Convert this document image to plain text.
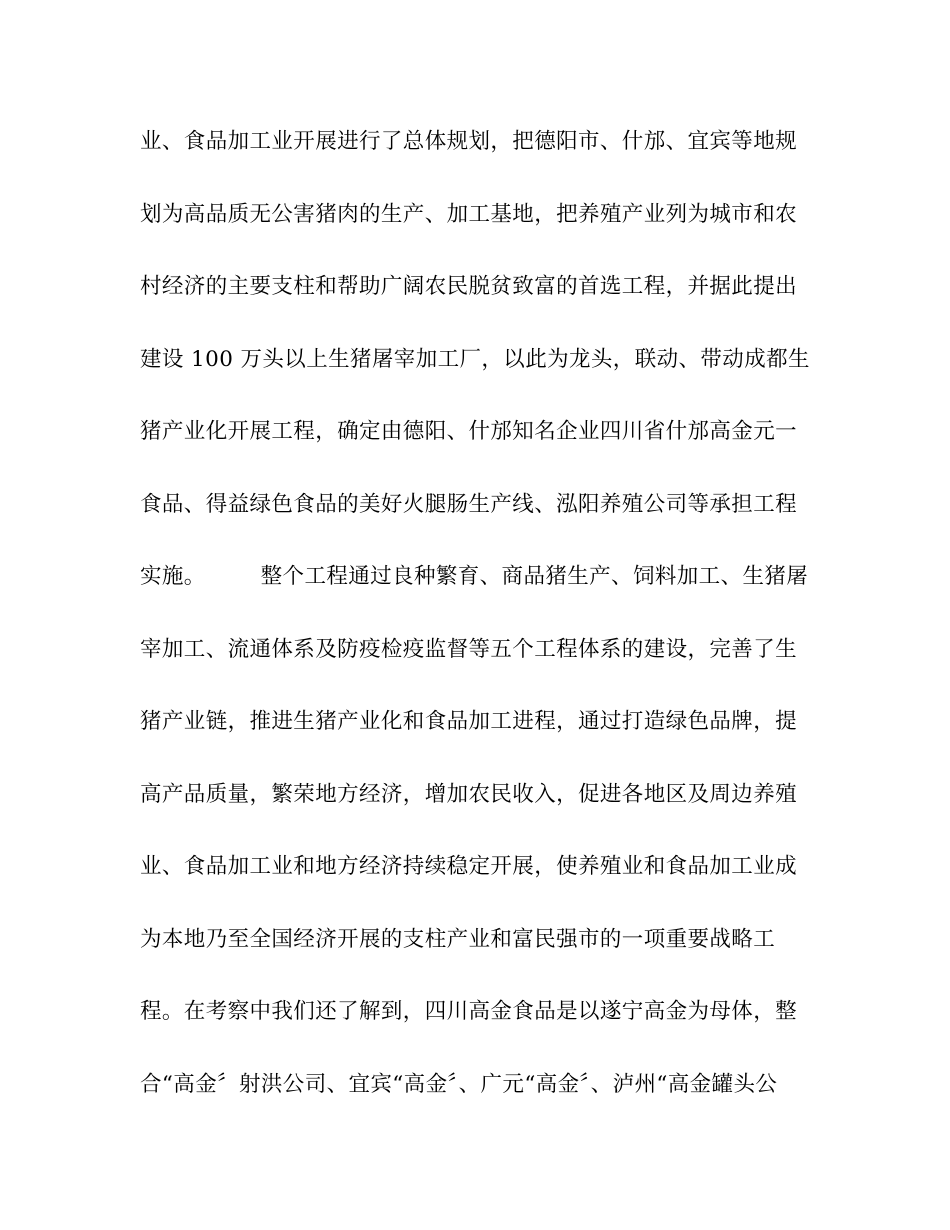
业、食品加工业开展进行了总体规划，把德阳市、什邡、宜宾等地规
划为高品质无公害猪肉的生产、加工基地，把养殖产业列为城市和农
村经济的主要支柱和帮助广阔农民脱贫致富的首选工程，并据此提出
建设 100 万头以上生猪屠宰加工厂，以此为龙头，联动、带动成都生
猪产业化开展工程，确定由德阳、什邡知名企业四川省什邡高金元一
食品、得益绿色食品的美好火腿肠生产线、泓阳养殖公司等承担工程
实施。　　　整个工程通过良种繁育、商品猪生产、饲料加工、生猪屠
宰加工、流通体系及防疫检疫监督等五个工程体系的建设，完善了生
猪产业链，推进生猪产业化和食品加工进程，通过打造绿色品牌，提
高产品质量，繁荣地方经济，增加农民收入，促进各地区及周边养殖
业、食品加工业和地方经济持续稳定开展，使养殖业和食品加工业成
为本地乃至全国经济开展的支柱产业和富民强市的一项重要战略工
程。在考察中我们还了解到，四川高金食品是以遂宁高金为母体，整
合“高金〞射洪公司、宜宾“高金〞、广元“高金〞、泸州“高金罐头公
